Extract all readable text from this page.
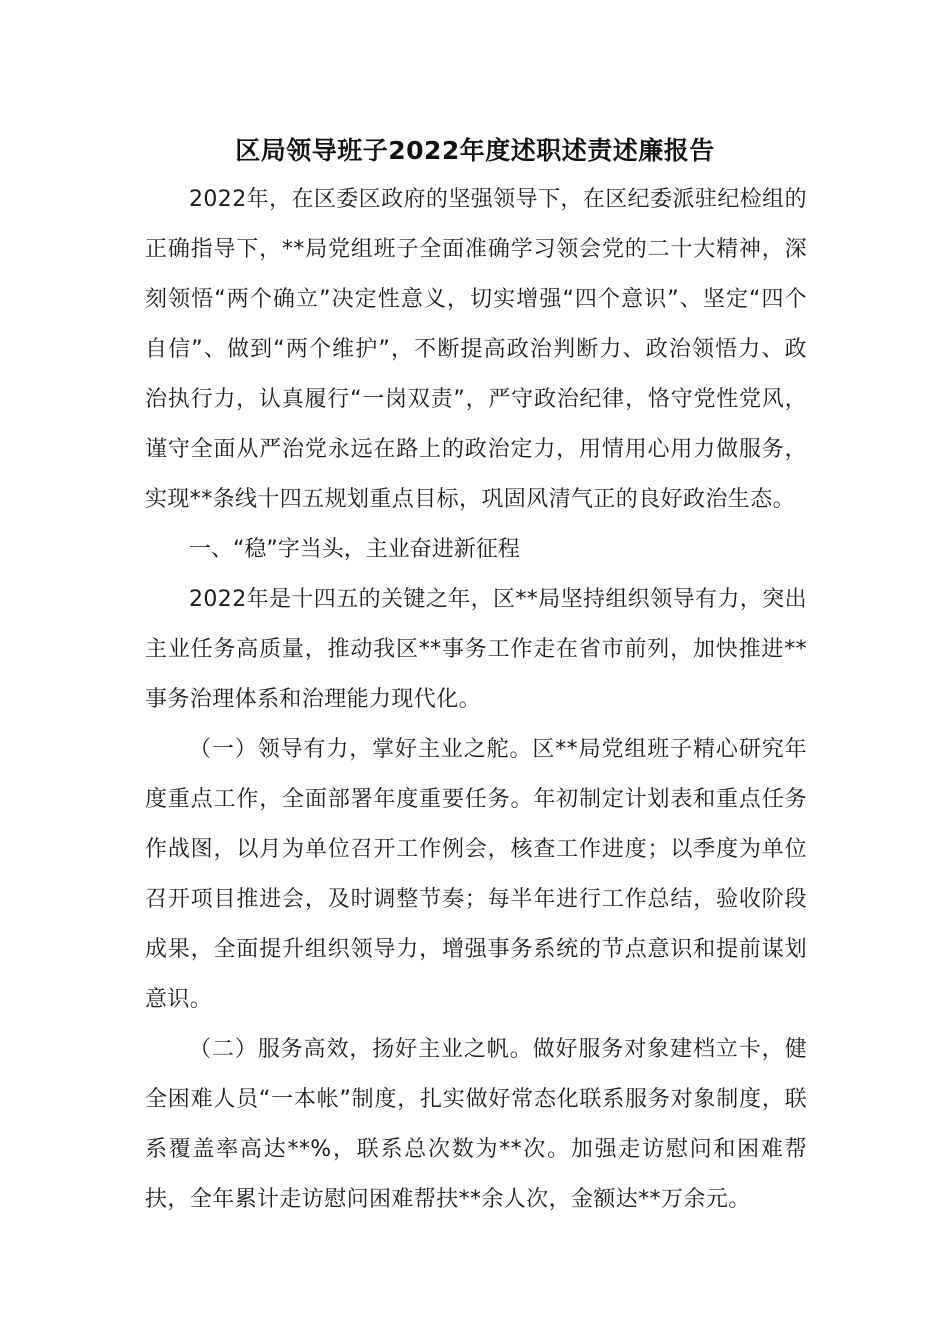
区局领导班子2022年度述职述责述廉报告

2022年，在区委区政府的坚强领导下，在区纪委派驻纪检组的正确指导下，**局党组班子全面准确学习领会党的二十大精神，深刻领悟“两个确立”决定性意义，切实增强“四个意识”、坚定“四个自信”、做到“两个维护”，不断提高政治判断力、政治领悟力、政治执行力，认真履行“一岗双责”，严守政治纪律，恪守党性党风，谨守全面从严治党永远在路上的政治定力，用情用心用力做服务，实现**条线十四五规划重点目标，巩固风清气正的良好政治生态。

一、“稳”字当头，主业奋进新征程

2022年是十四五的关键之年，区**局坚持组织领导有力，突出主业任务高质量，推动我区**事务工作走在省市前列，加快推进**事务治理体系和治理能力现代化。

（一）领导有力，掌好主业之舵。区**局党组班子精心研究年度重点工作，全面部署年度重要任务。年初制定计划表和重点任务作战图，以月为单位召开工作例会，核查工作进度；以季度为单位召开项目推进会，及时调整节奏；每半年进行工作总结，验收阶段成果，全面提升组织领导力，增强事务系统的节点意识和提前谋划意识。

（二）服务高效，扬好主业之帆。做好服务对象建档立卡，健全困难人员“一本帐”制度，扎实做好常态化联系服务对象制度，联系覆盖率高达**%，联系总次数为**次。加强走访慰问和困难帮扶，全年累计走访慰问困难帮扶**余人次，金额达**万余元。
